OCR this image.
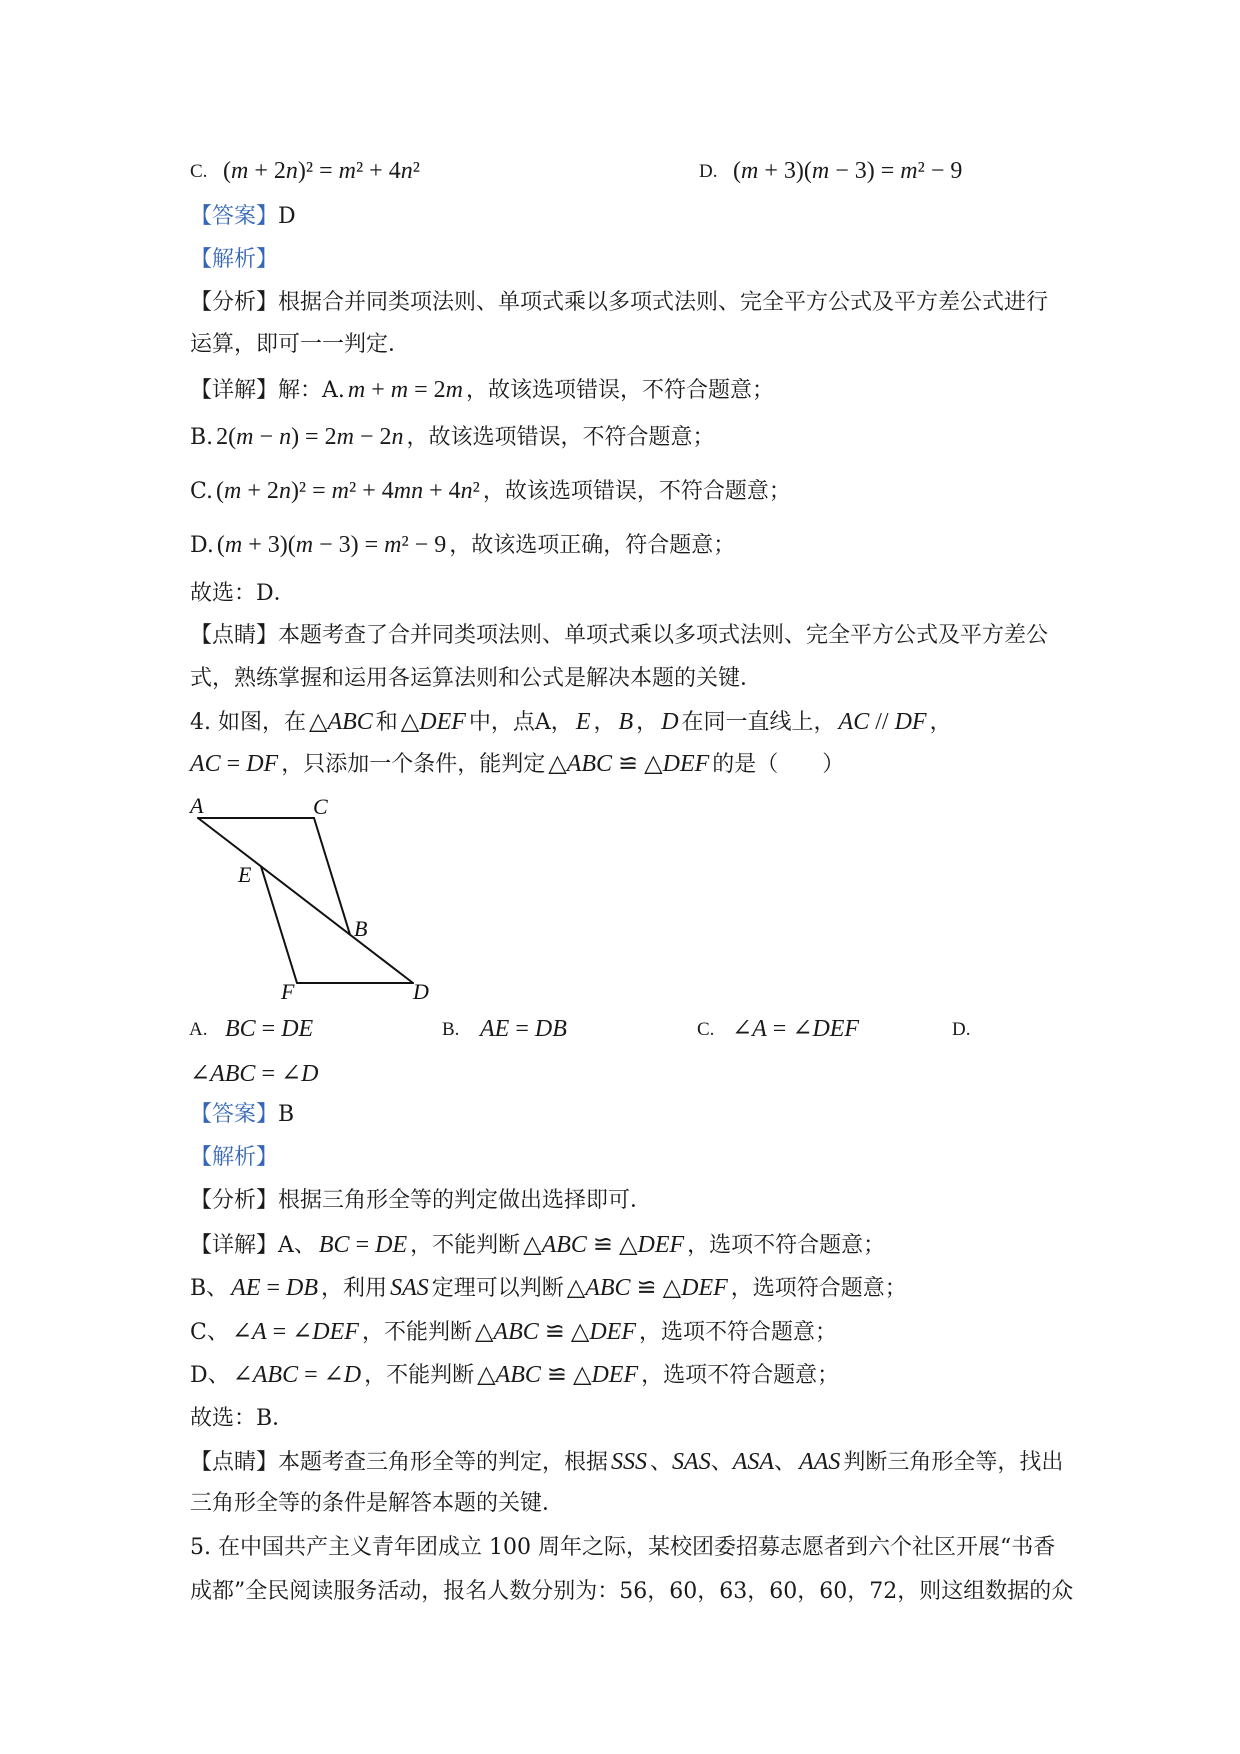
C. (m + 2n)² = m² + 4n²	D. (m + 3)(m − 3) = m² − 9
【答案】D
【解析】
【分析】根据合并同类项法则、单项式乘以多项式法则、完全平方公式及平方差公式进行
运算，即可一一判定．
【详解】解：A. m + m = 2m ，故该选项错误，不符合题意；
B. 2(m − n) = 2m − 2n ，故该选项错误，不符合题意；
C. (m + 2n)² = m² + 4mn + 4n² ，故该选项错误，不符合题意；
D. (m + 3)(m − 3) = m² − 9 ，故该选项正确，符合题意；
故选：D．
【点睛】本题考查了合并同类项法则、单项式乘以多项式法则、完全平方公式及平方差公
式，熟练掌握和运用各运算法则和公式是解决本题的关键．
4. 如图，在 △ABC 和 △DEF 中，点A， E ， B ， D 在同一直线上， AC // DF ，
AC = DF ，只添加一个条件，能判定 △ABC ≌ △DEF 的是（　　）
A	C
E
B
F	D
A. BC = DE	B. AE = DB	C. ∠A = ∠DEF	D.
∠ABC = ∠D
【答案】B
【解析】
【分析】根据三角形全等的判定做出选择即可．
【详解】A、 BC = DE ，不能判断 △ABC ≌ △DEF ，选项不符合题意；
B、 AE = DB ，利用 SAS 定理可以判断 △ABC ≌ △DEF ，选项符合题意；
C、 ∠A = ∠DEF ，不能判断 △ABC ≌ △DEF ，选项不符合题意；
D、 ∠ABC = ∠D ，不能判断 △ABC ≌ △DEF ，选项不符合题意；
故选：B．
【点睛】本题考查三角形全等的判定，根据 SSS 、SAS、ASA、 AAS 判断三角形全等，找出
三角形全等的条件是解答本题的关键．
5. 在中国共产主义青年团成立 100 周年之际，某校团委招募志愿者到六个社区开展“书香
成都”全民阅读服务活动，报名人数分别为：56，60，63，60，60，72，则这组数据的众
